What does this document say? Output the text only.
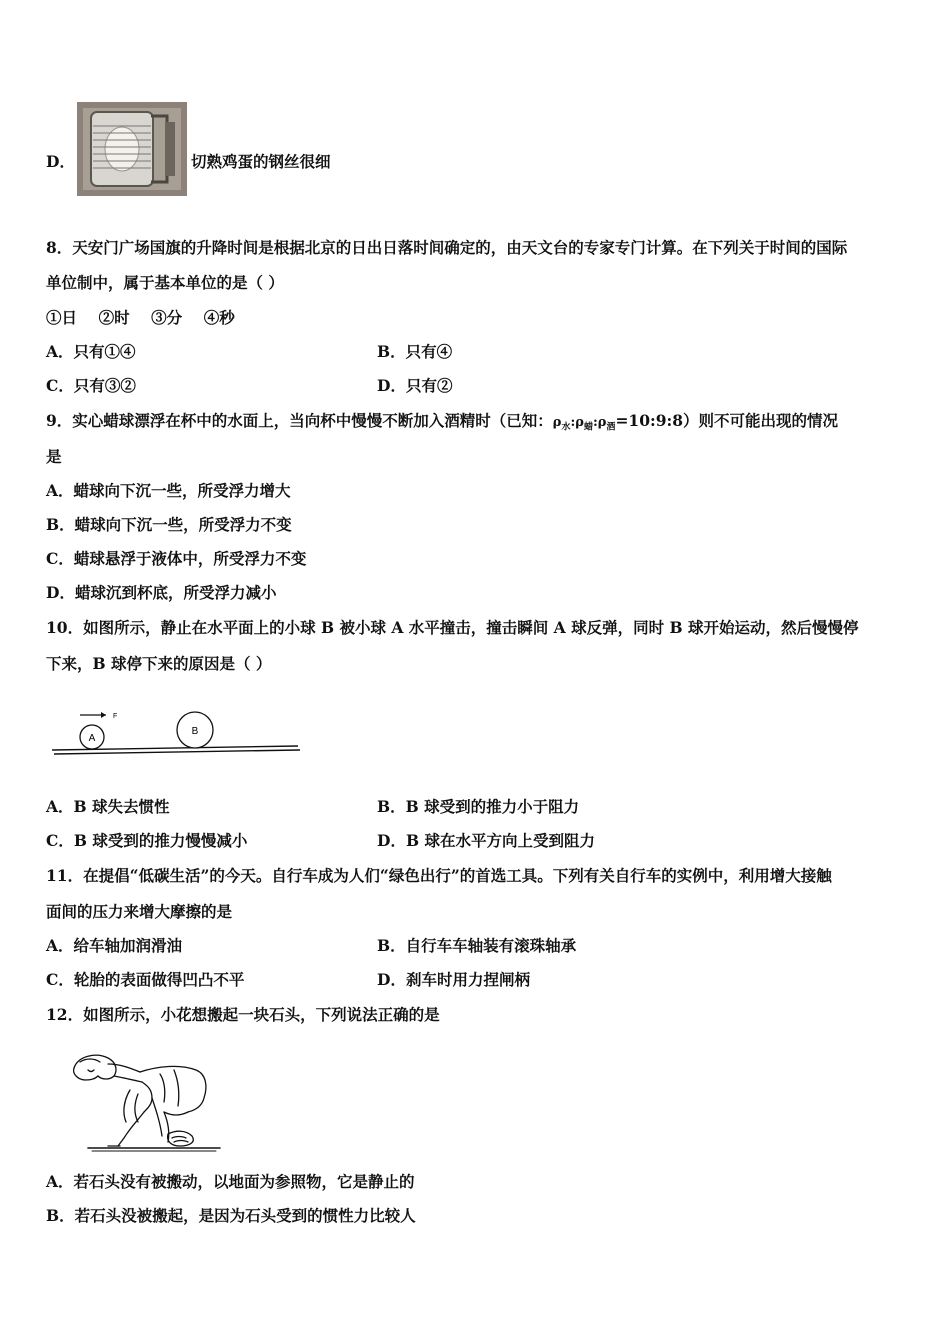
D．	切熟鸡蛋的钢丝很细
8．天安门广场国旗的升降时间是根据北京的日出日落时间确定的，由天文台的专家专门计算。在下列关于时间的国际
单位制中，属于基本单位的是（ ）
①日    ②时    ③分    ④秒
A．只有①④	B．只有④
C．只有③②	D．只有②
9．实心蜡球漂浮在杯中的水面上，当向杯中慢慢不断加入酒精时（已知：$\rho_水:\rho_蜡:\rho_酒=10:9:8$）则不可能出现的情况
是
A．蜡球向下沉一些，所受浮力增大
B．蜡球向下沉一些，所受浮力不变
C．蜡球悬浮于液体中，所受浮力不变
D．蜡球沉到杯底，所受浮力减小
10．如图所示，静止在水平面上的小球 B 被小球 A 水平撞击，撞击瞬间 A 球反弹，同时 B 球开始运动，然后慢慢停
下来，B 球停下来的原因是（ ）
A
B
F
A．B 球失去惯性	B．B 球受到的推力小于阻力
C．B 球受到的推力慢慢减小	D．B 球在水平方向上受到阻力
11．在提倡“低碳生活”的今天。自行车成为人们“绿色出行”的首选工具。下列有关自行车的实例中，利用增大接触
面间的压力来增大摩擦的是
A．给车轴加润滑油	B．自行车车轴装有滚珠轴承
C．轮胎的表面做得凹凸不平	D．刹车时用力捏闸柄
12．如图所示，小花想搬起一块石头，下列说法正确的是
A．若石头没有被搬动，以地面为参照物，它是静止的
B．若石头没被搬起，是因为石头受到的惯性力比较人
